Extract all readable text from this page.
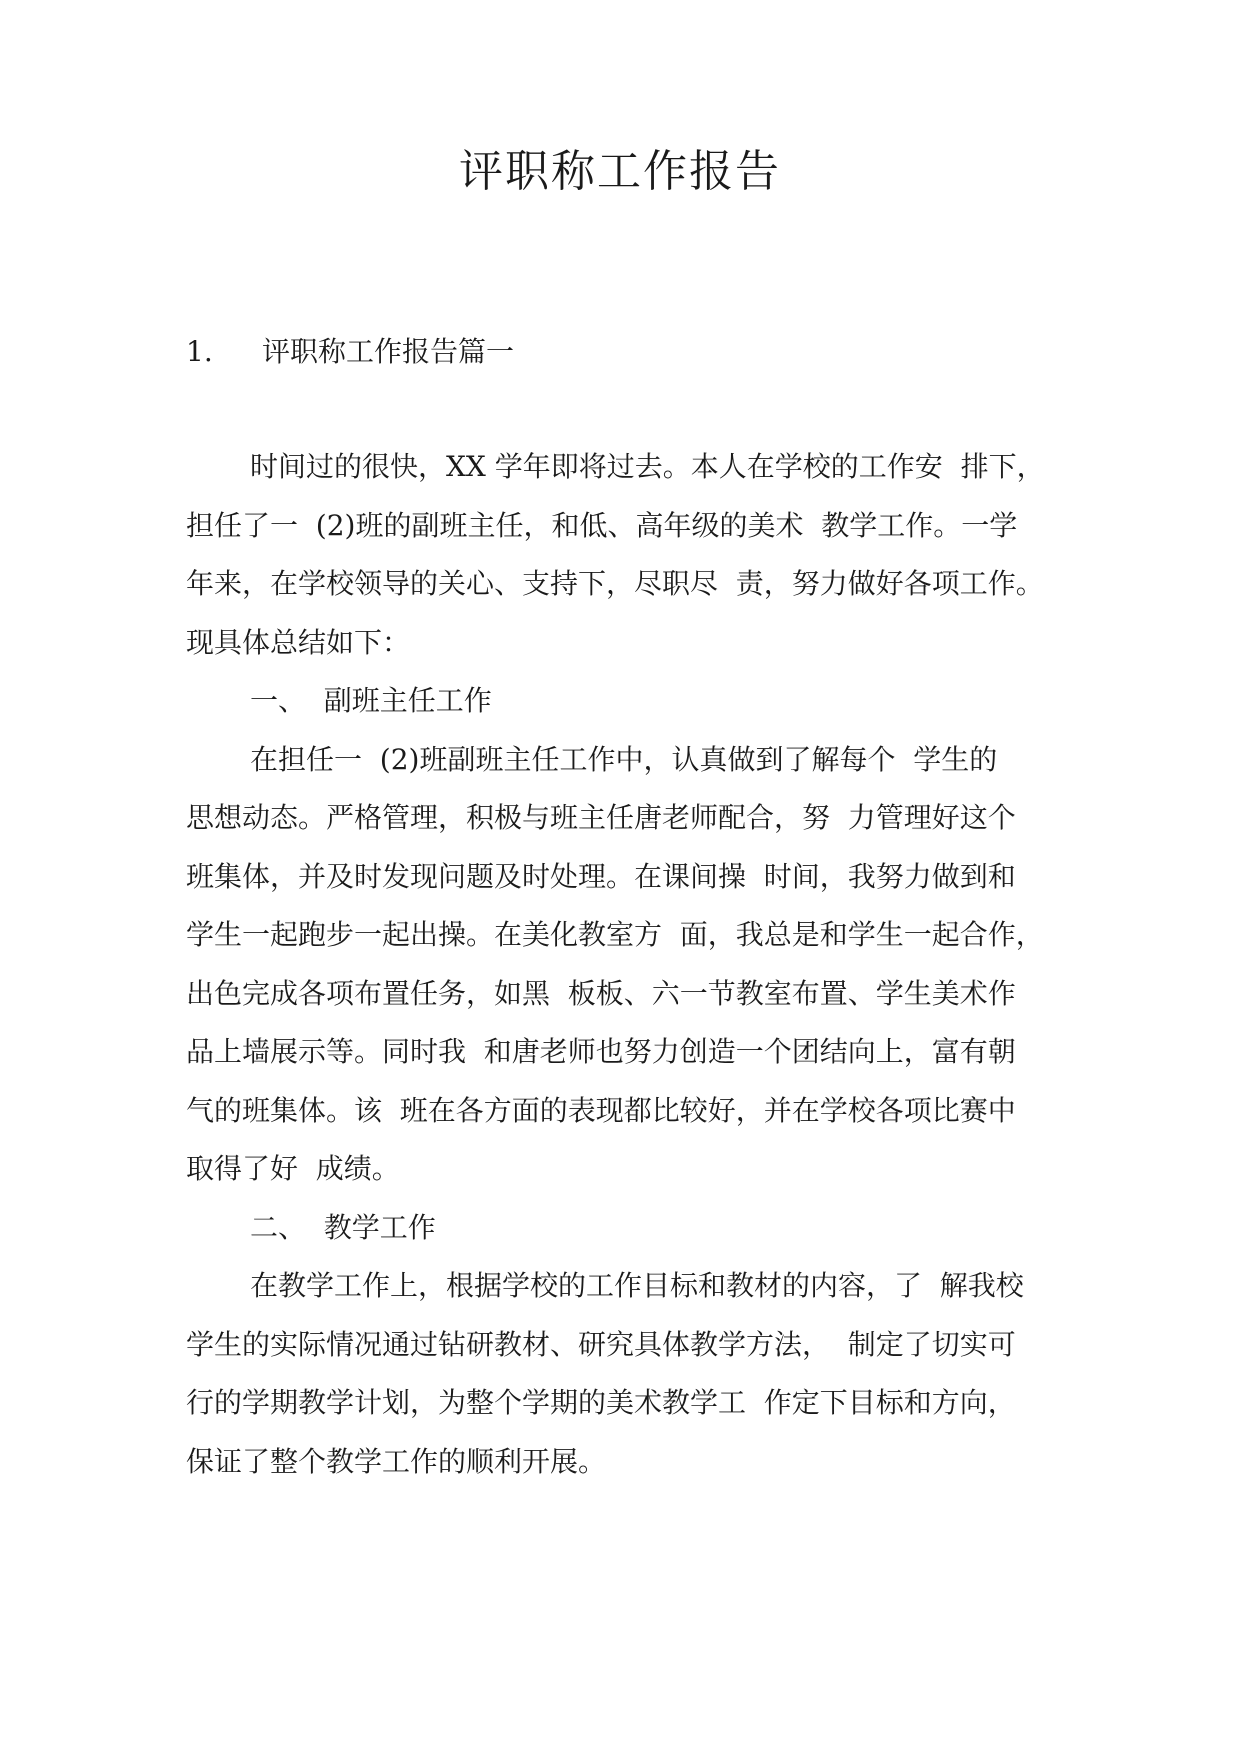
评职称工作报告
1. 评职称工作报告篇一
时间过的很快，XX 学年即将过去。本人在学校的工作安  排下，
担任了一  (2)班的副班主任，和低、高年级的美术  教学工作。一学
年来，在学校领导的关心、支持下，尽职尽  责，努力做好各项工作。
现具体总结如下：
一、  副班主任工作
在担任一  (2)班副班主任工作中，认真做到了解每个  学生的
思想动态。严格管理，积极与班主任唐老师配合，努  力管理好这个
班集体，并及时发现问题及时处理。在课间操  时间，我努力做到和
学生一起跑步一起出操。在美化教室方  面，我总是和学生一起合作，
出色完成各项布置任务，如黑  板板、六一节教室布置、学生美术作
品上墙展示等。同时我  和唐老师也努力创造一个团结向上，富有朝
气的班集体。该  班在各方面的表现都比较好，并在学校各项比赛中
取得了好  成绩。
二、  教学工作
在教学工作上，根据学校的工作目标和教材的内容，了  解我校
学生的实际情况通过钻研教材、研究具体教学方法，  制定了切实可
行的学期教学计划，为整个学期的美术教学工  作定下目标和方向，
保证了整个教学工作的顺利开展。
